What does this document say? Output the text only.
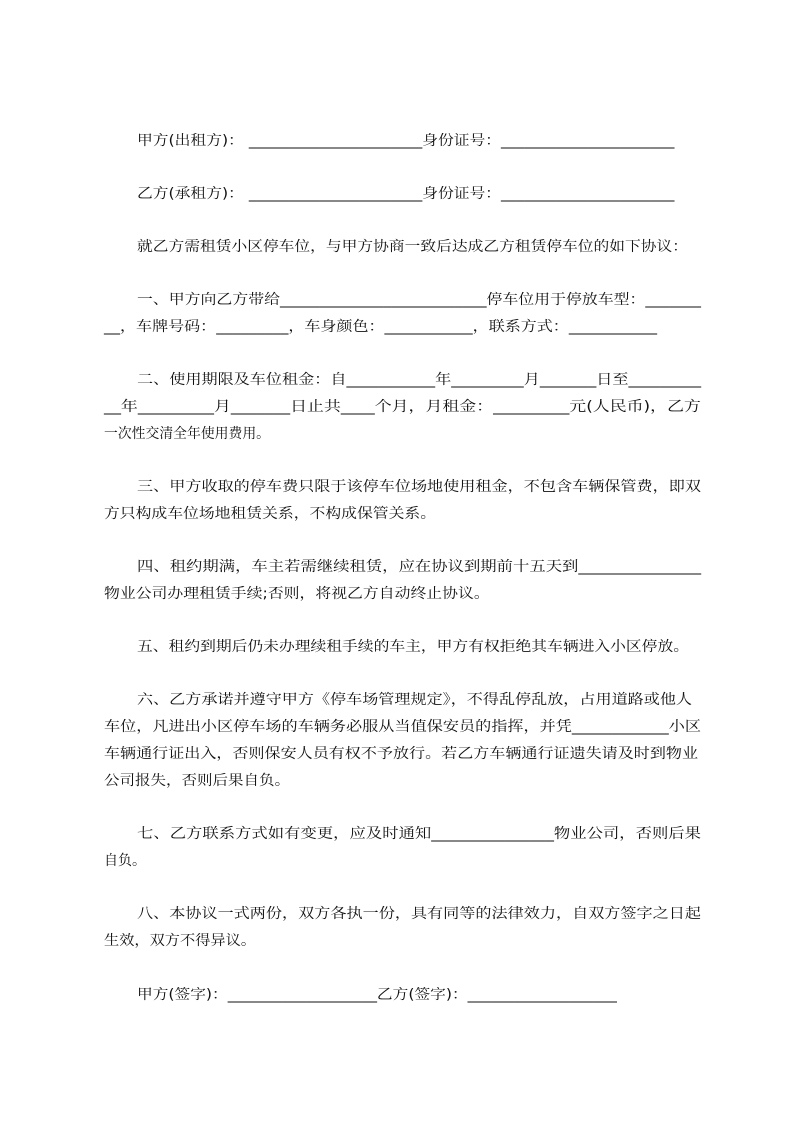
甲方(出租方)： ______________________身份证号：______________________
乙方(承租方)： ______________________身份证号：______________________
就乙方需租赁小区停车位，与甲方协商一致后达成乙方租赁停车位的如下协议：
一、甲方向乙方带给__________________________停车位用于停放车型：_______
__，车牌号码：_________，车身颜色：___________，联系方式：___________
二、使用期限及车位租金：自___________年_________月_______日至_________
__年_________月_______日止共____个月，月租金：_________元(人民币)，乙方
一次性交清全年使用费用。
三、甲方收取的停车费只限于该停车位场地使用租金，不包含车辆保管费，即双
方只构成车位场地租赁关系，不构成保管关系。
四、租约期满，车主若需继续租赁，应在协议到期前十五天到_______________
物业公司办理租赁手续;否则，将视乙方自动终止协议。
五、租约到期后仍未办理续租手续的车主，甲方有权拒绝其车辆进入小区停放。
六、乙方承诺并遵守甲方《停车场管理规定》，不得乱停乱放，占用道路或他人
车位，凡进出小区停车场的车辆务必服从当值保安员的指挥，并凭____________小区
车辆通行证出入，否则保安人员有权不予放行。若乙方车辆通行证遗失请及时到物业
公司报失，否则后果自负。
七、乙方联系方式如有变更，应及时通知_______________物业公司，否则后果
自负。
八、本协议一式两份，双方各执一份，具有同等的法律效力，自双方签字之日起
生效，双方不得异议。
甲方(签字)：___________________乙方(签字)：___________________
